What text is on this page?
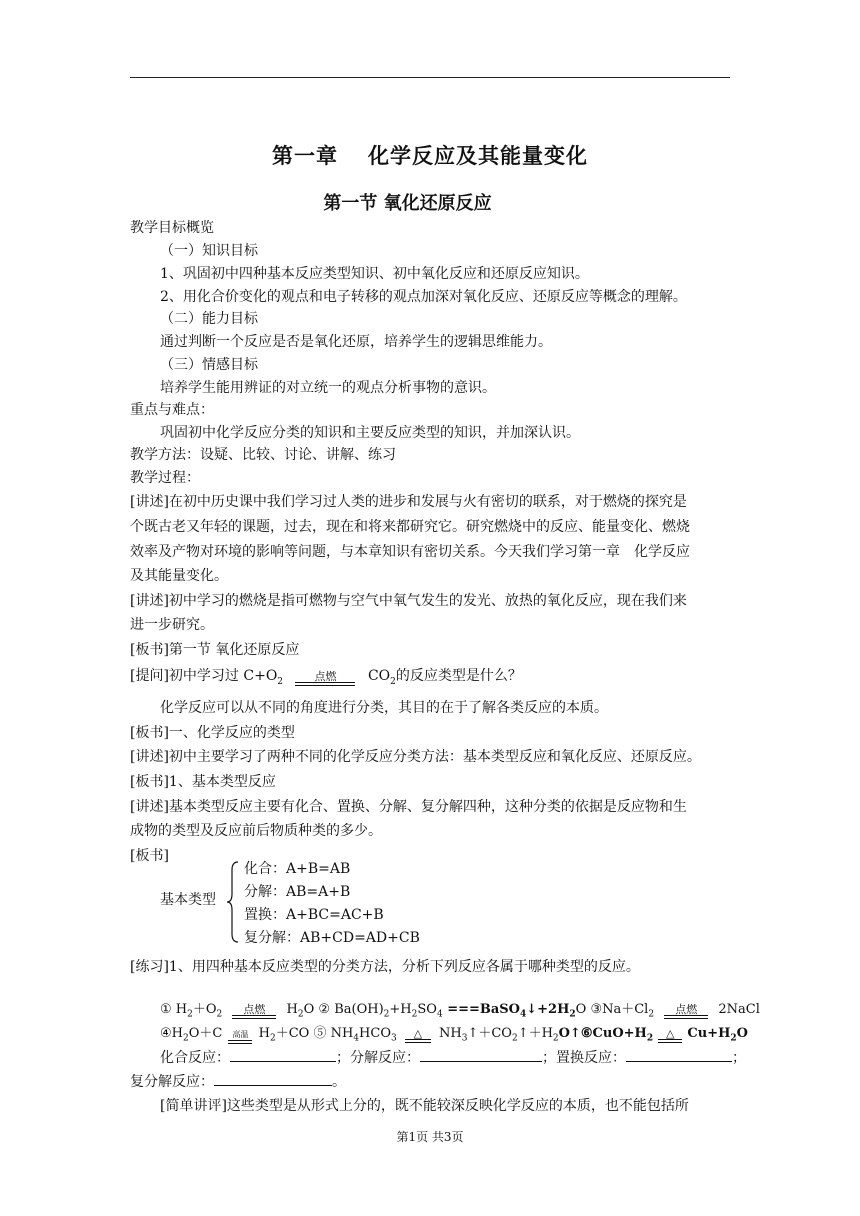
第一章 化学反应及其能量变化
第一节 氧化还原反应
教学目标概览
（一）知识目标
1、巩固初中四种基本反应类型知识、初中氧化反应和还原反应知识。
2、用化合价变化的观点和电子转移的观点加深对氧化反应、还原反应等概念的理解。
（二）能力目标
通过判断一个反应是否是氧化还原，培养学生的逻辑思维能力。
（三）情感目标
培养学生能用辨证的对立统一的观点分析事物的意识。
重点与难点：
巩固初中化学反应分类的知识和主要反应类型的知识，并加深认识。
教学方法：设疑、比较、讨论、讲解、练习
教学过程：
[讲述]在初中历史课中我们学习过人类的进步和发展与火有密切的联系，对于燃烧的探究是
个既古老又年轻的课题，过去，现在和将来都研究它。研究燃烧中的反应、能量变化、燃烧
效率及产物对环境的影响等问题，与本章知识有密切关系。今天我们学习第一章　化学反应
及其能量变化。
[讲述]初中学习的燃烧是指可燃物与空气中氧气发生的发光、放热的氧化反应，现在我们来
进一步研究。
[板书]第一节 氧化还原反应
[提问]初中学习过 $C+O_2$	点燃	$CO_2$的反应类型是什么？
化学反应可以从不同的角度进行分类，其目的在于了解各类反应的本质。
[板书]一、化学反应的类型
[讲述]初中主要学习了两种不同的化学反应分类方法：基本类型反应和氧化反应、还原反应。
[板书]1、基本类型反应
[讲述]基本类型反应主要有化合、置换、分解、复分解四种，这种分类的依据是反应物和生
成物的类型及反应前后物质种类的多少。
[板书]
基本类型
化合：A+B=AB
分解：AB=A+B
置换：A+BC=AC+B
复分解：AB+CD=AD+CB
[练习]1、用四种基本反应类型的分类方法，分析下列反应各属于哪种类型的反应。
① $H_2+O_2$	点燃	$H_2O$ ② $Ba(OH)_2+H_2SO_4$ $===BaSO_4↓+2H_2O$ $③Na+Cl_2$	点燃	2NaCl
$④H_2O+C$	高温 $H_2+CO$ ⑤ $NH_4HCO_3$	△	$NH_3↑+CO_2↑+H_2O↑⑥CuO+H_2$	△ $Cu+H_2O$
化合反应：	；分解反应：	；置换反应：	；
复分解反应：	。
[简单讲评]这些类型是从形式上分的，既不能较深反映化学反应的本质，也不能包括所
第1页 共3页
